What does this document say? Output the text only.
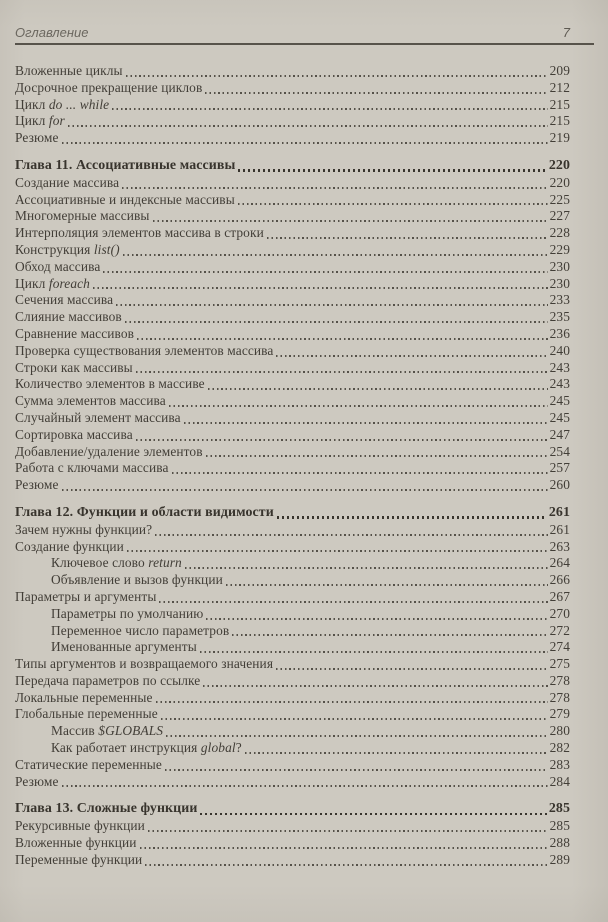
Оглавление	7
Вложенные циклы	209
Досрочное прекращение циклов	212
Цикл do ... while	215
Цикл for	215
Резюме	219
Глава 11. Ассоциативные массивы	220
Создание массива	220
Ассоциативные и индексные массивы	225
Многомерные массивы	227
Интерполяция элементов массива в строки	228
Конструкция list()	229
Обход массива	230
Цикл foreach	230
Сечения массива	233
Слияние массивов	235
Сравнение массивов	236
Проверка существования элементов массива	240
Строки как массивы	243
Количество элементов в массиве	243
Сумма элементов массива	245
Случайный элемент массива	245
Сортировка массива	247
Добавление/удаление элементов	254
Работа с ключами массива	257
Резюме	260
Глава 12. Функции и области видимости	261
Зачем нужны функции?	261
Создание функции	263
Ключевое слово return	264
Объявление и вызов функции	266
Параметры и аргументы	267
Параметры по умолчанию	270
Переменное число параметров	272
Именованные аргументы	274
Типы аргументов и возвращаемого значения	275
Передача параметров по ссылке	278
Локальные переменные	278
Глобальные переменные	279
Массив $GLOBALS	280
Как работает инструкция global?	282
Статические переменные	283
Резюме	284
Глава 13. Сложные функции	285
Рекурсивные функции	285
Вложенные функции	288
Переменные функции	289
